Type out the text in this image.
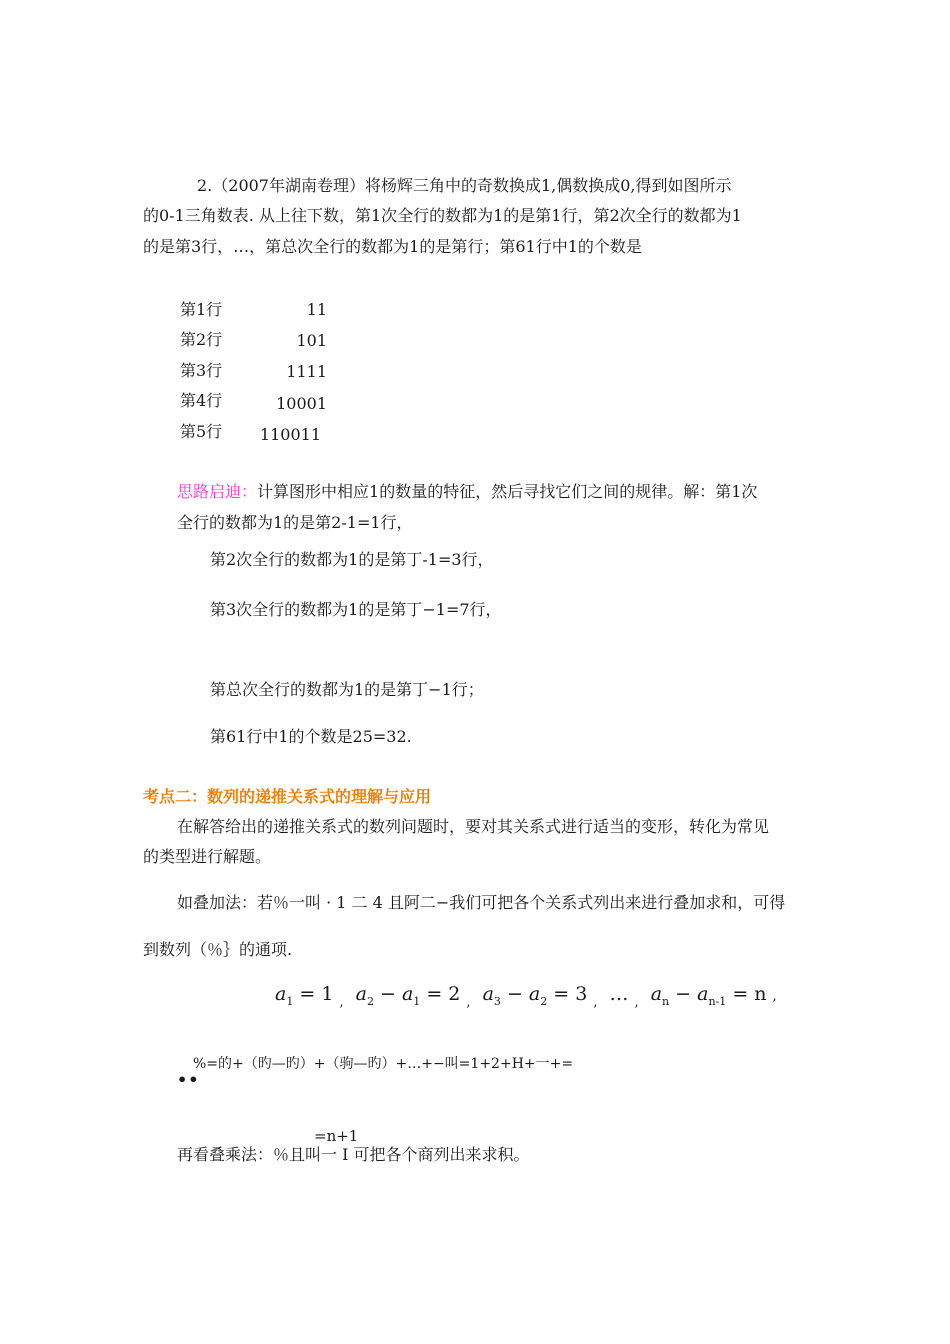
2.（2007年湖南卷理）将杨辉三角中的奇数换成1,偶数换成0,得到如图所示
的0-1三角数表. 从上往下数，第1次全行的数都为1的是第1行，第2次全行的数都为1
的是第3行，…，第总次全行的数都为1的是第行；第61行中1的个数是
第1行	11
第2行	101
第3行	1111
第4行	10001
第5行	110011
思路启迪：计算图形中相应1的数量的特征，然后寻找它们之间的规律。解：第1次
全行的数都为1的是第2-1=1行，
第2次全行的数都为1的是第丁-1=3行，
第3次全行的数都为1的是第丁−1=7行，
第总次全行的数都为1的是第丁−1行；
第61行中1的个数是25=32.
考点二：数列的递推关系式的理解与应用
在解答给出的递推关系式的数列问题时，要对其关系式进行适当的变形，转化为常见
的类型进行解题。
如叠加法：若％一叫 · 1 二 4 且阿二−我们可把各个关系式列出来进行叠加求和，可得
到数列（％｝的通项.
$a_1 = 1$ $_,$ $a_2 - a_1 = 2$ $_,$ $a_3 - a_2 = 3$ $_,$ … $_,$ $a_n - a_{n-1} = n$ ,
%=的+（旳—旳）+（驹—旳）+…+−叫=1+2+H+一+=
••
=n+1
再看叠乘法：％且叫一 I 可把各个商列出来求积。
